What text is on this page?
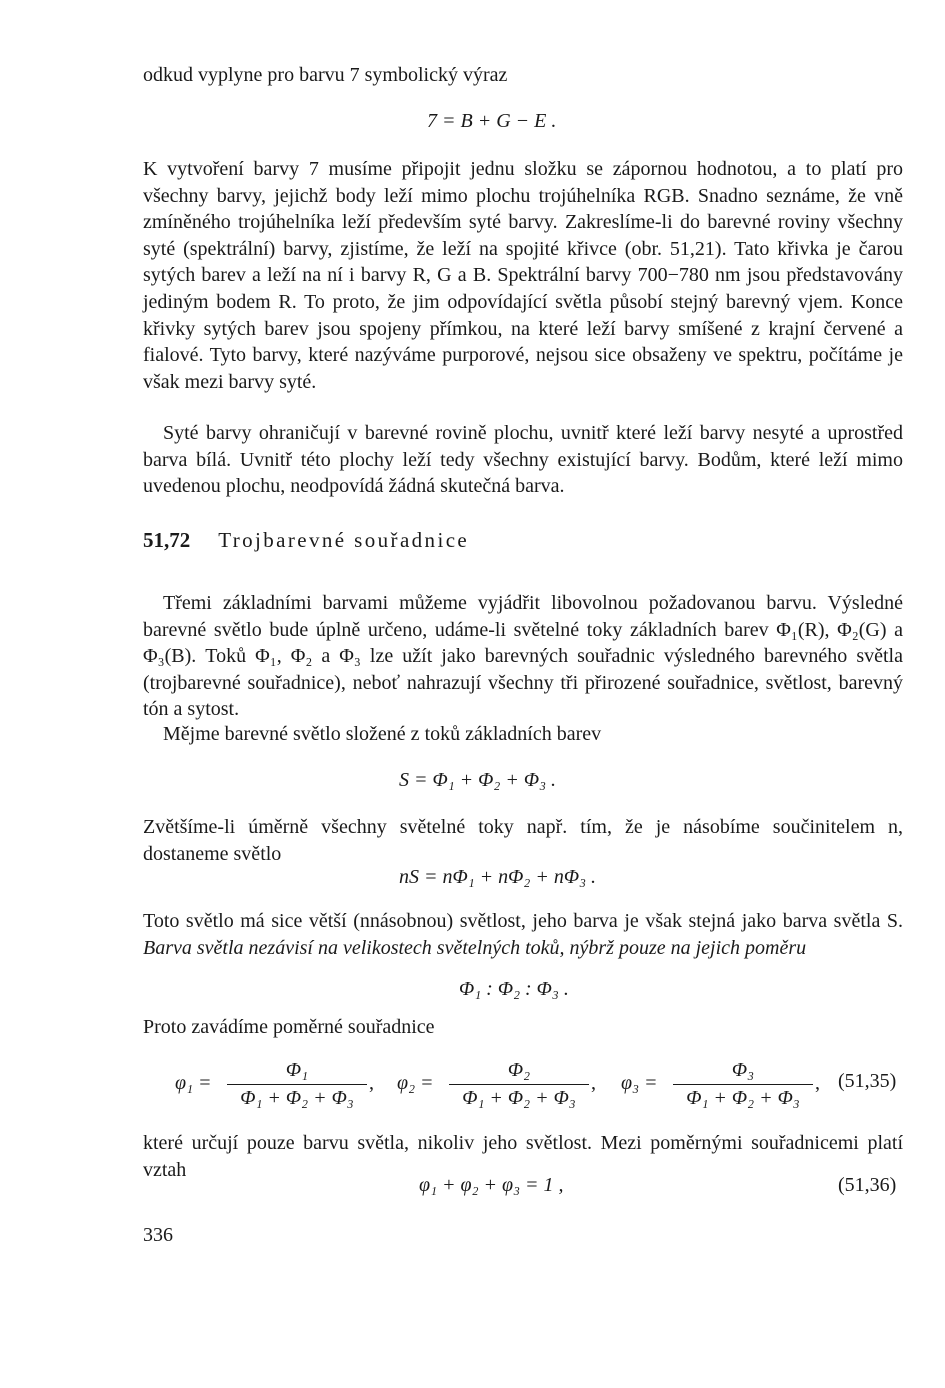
odkud vyplyne pro barvu 7 symbolický výraz

7 = B + G − E .

K vytvoření barvy 7 musíme připojit jednu složku se zápornou hodnotou, a to platí pro všechny barvy, jejichž body leží mimo plochu trojúhelníka RGB. Snadno seznáme, že vně zmíněného trojúhelníka leží především syté barvy. Zakreslíme-li do barevné roviny všechny syté (spektrální) barvy, zjistíme, že leží na spojité křivce (obr. 51,21). Tato křivka je čarou sytých barev a leží na ní i barvy R, G a B. Spektrální barvy 700−780 nm jsou představovány jediným bodem R. To proto, že jim odpovídající světla působí stejný barevný vjem. Konce křivky sytých barev jsou spojeny přímkou, na které leží barvy smíšené z krajní červené a fialové. Tyto barvy, které nazýváme purporové, nejsou sice obsaženy ve spektru, počítáme je však mezi barvy syté.

Syté barvy ohraničují v barevné rovině plochu, uvnitř které leží barvy nesyté a uprostřed barva bílá. Uvnitř této plochy leží tedy všechny existující barvy. Bodům, které leží mimo uvedenou plochu, neodpovídá žádná skutečná barva.

51,72 Trojbarevné souřadnice

Třemi základními barvami můžeme vyjádřit libovolnou požadovanou barvu. Výsledné barevné světlo bude úplně určeno, udáme-li světelné toky základních barev Φ₁(R), Φ₂(G) a Φ₃(B). Toků Φ₁, Φ₂ a Φ₃ lze užít jako barevných souřadnic výsledného barevného světla (trojbarevné souřadnice), neboť nahrazují všechny tři přirozené souřadnice, světlost, barevný tón a sytost.

Mějme barevné světlo složené z toků základních barev

S = Φ₁ + Φ₂ + Φ₃ .

Zvětšíme-li úměrně všechny světelné toky např. tím, že je násobíme součinitelem n, dostaneme světlo

nS = nΦ₁ + nΦ₂ + nΦ₃ .

Toto světlo má sice větší (nnásobnou) světlost, jeho barva je však stejná jako barva světla S. Barva světla nezávisí na velikostech světelných toků, nýbrž pouze na jejich poměru

Φ₁ : Φ₂ : Φ₃ .

Proto zavádíme poměrné souřadnice

$\varphi_1 = \frac{\text{Φ₁}}{\text{Φ₁ + Φ₂ + Φ₃}}$ , $\varphi_2 = \frac{\text{Φ₂}}{\text{Φ₁ + Φ₂ + Φ₃}}$ , $\varphi_3 = \frac{\text{Φ₃}}{\text{Φ₁ + Φ₂ + Φ₃}}$ , (51,35)

které určují pouze barvu světla, nikoliv jeho světlost. Mezi poměrnými souřadnicemi platí vztah

φ₁ + φ₂ + φ₃ = 1 ,	(51,36)
336
